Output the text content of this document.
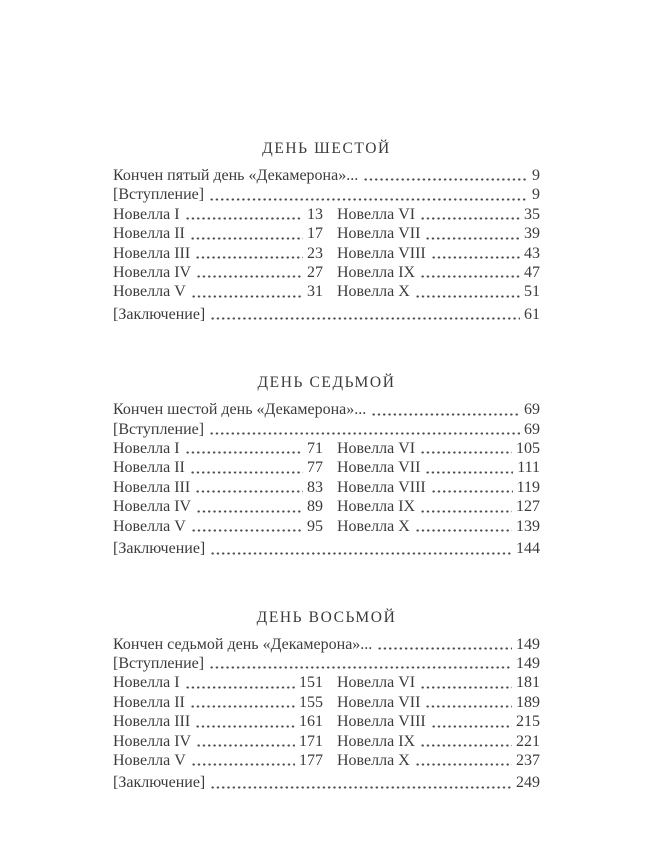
ДЕНЬ ШЕСТОЙ
Кончен пятый день «Декамерона»...	9
[Вступление]	9
Новелла I	13
Новелла II	17
Новелла III	23
Новелла IV	27
Новелла V	31
Новелла VI	35
Новелла VII	39
Новелла VIII	43
Новелла IX	47
Новелла X	51
[Заключение]	61
ДЕНЬ СЕДЬМОЙ
Кончен шестой день «Декамерона»...	69
[Вступление]	69
Новелла I	71
Новелла II	77
Новелла III	83
Новелла IV	89
Новелла V	95
Новелла VI	105
Новелла VII	111
Новелла VIII	119
Новелла IX	127
Новелла X	139
[Заключение]	144
ДЕНЬ ВОСЬМОЙ
Кончен седьмой день «Декамерона»...	149
[Вступление]	149
Новелла I	151
Новелла II	155
Новелла III	161
Новелла IV	171
Новелла V	177
Новелла VI	181
Новелла VII	189
Новелла VIII	215
Новелла IX	221
Новелла X	237
[Заключение]	249
